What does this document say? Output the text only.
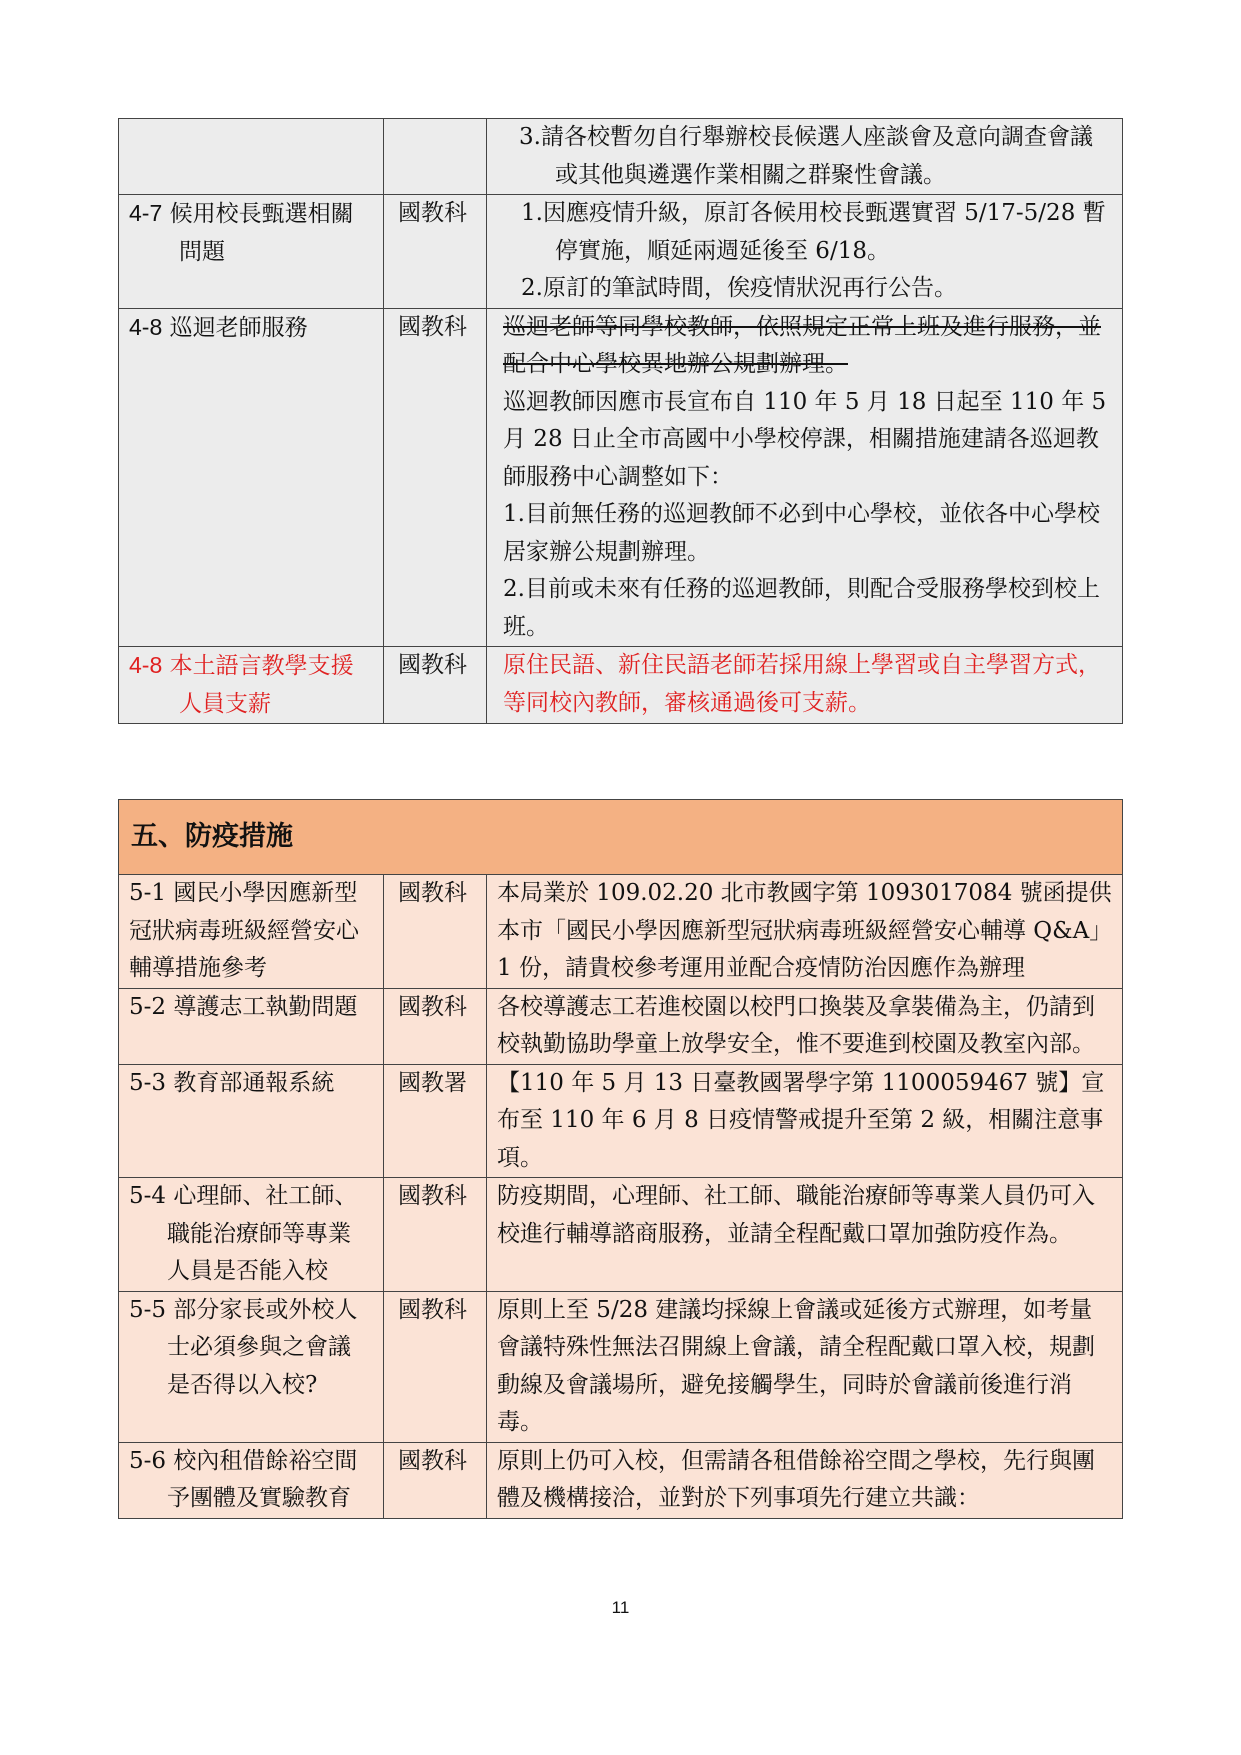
		3.請各校暫勿自行舉辦校長候選人座談會及意向調查會議或其他與遴選作業相關之群聚性會議。

4-7 候用校長甄選相關問題	國教科	1.因應疫情升級，原訂各候用校長甄選實習 5/17-5/28 暫停實施，順延兩週延後至 6/18。

2.原訂的筆試時間，俟疫情狀況再行公告。

4-8 巡迴老師服務	國教科	巡迴老師等同學校教師，依照規定正常上班及進行服務，並配合中心學校異地辦公規劃辦理。

巡迴教師因應市長宣布自 110 年 5 月 18 日起至 110 年 5 月 28 日止全市高國中小學校停課，相關措施建請各巡迴教師服務中心調整如下：

1.目前無任務的巡迴教師不必到中心學校，並依各中心學校居家辦公規劃辦理。

2.目前或未來有任務的巡迴教師，則配合受服務學校到校上班。

4-8 本土語言教學支援人員支薪	國教科	原住民語、新住民語老師若採用線上學習或自主學習方式，等同校內教師，審核通過後可支薪。

五、防疫措施		

5-1 國民小學因應新型冠狀病毒班級經營安心輔導措施參考	國教科	本局業於 109.02.20 北市教國字第 1093017084 號函提供本市「國民小學因應新型冠狀病毒班級經營安心輔導 Q&A」1 份，請貴校參考運用並配合疫情防治因應作為辦理

5-2 導護志工執勤問題	國教科	各校導護志工若進校園以校門口換裝及拿裝備為主，仍請到校執勤協助學童上放學安全，惟不要進到校園及教室內部。

5-3 教育部通報系統	國教署	【110 年 5 月 13 日臺教國署學字第 1100059467 號】宣布至 110 年 6 月 8 日疫情警戒提升至第 2 級，相關注意事項。

5-4 心理師、社工師、職能治療師等專業人員是否能入校	國教科	防疫期間，心理師、社工師、職能治療師等專業人員仍可入校進行輔導諮商服務，並請全程配戴口罩加強防疫作為。

5-5 部分家長或外校人士必須參與之會議是否得以入校?	國教科	原則上至 5/28 建議均採線上會議或延後方式辦理，如考量會議特殊性無法召開線上會議，請全程配戴口罩入校，規劃動線及會議場所，避免接觸學生，同時於會議前後進行消毒。

5-6 校內租借餘裕空間予團體及實驗教育	國教科	原則上仍可入校，但需請各租借餘裕空間之學校，先行與團體及機構接洽，並對於下列事項先行建立共識：

11
